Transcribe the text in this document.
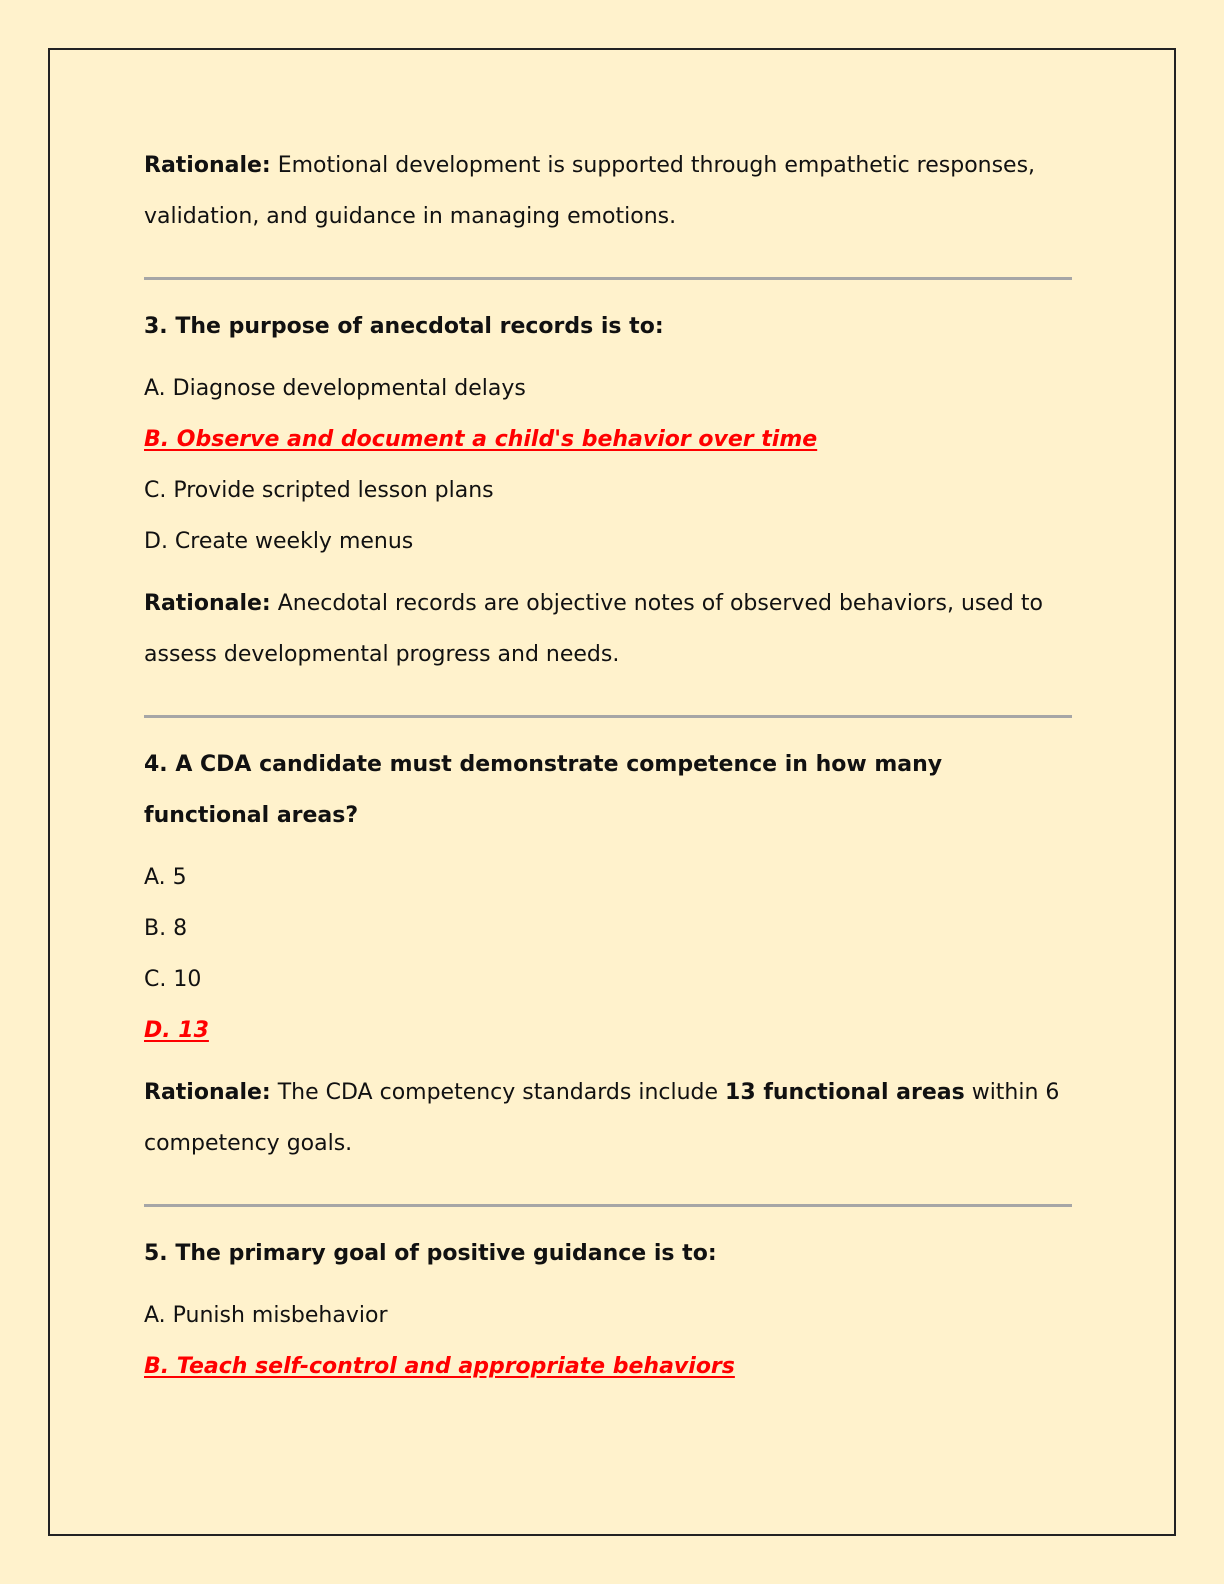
Rationale: Emotional development is supported through empathetic responses, validation, and guidance in managing emotions.

3. The purpose of anecdotal records is to:

A. Diagnose developmental delays

B. Observe and document a child's behavior over time

C. Provide scripted lesson plans

D. Create weekly menus

Rationale: Anecdotal records are objective notes of observed behaviors, used to assess developmental progress and needs.

4. A CDA candidate must demonstrate competence in how many functional areas?

A. 5

B. 8

C. 10

D. 13

Rationale: The CDA competency standards include 13 functional areas within 6 competency goals.

5. The primary goal of positive guidance is to:

A. Punish misbehavior

B. Teach self-control and appropriate behaviors
